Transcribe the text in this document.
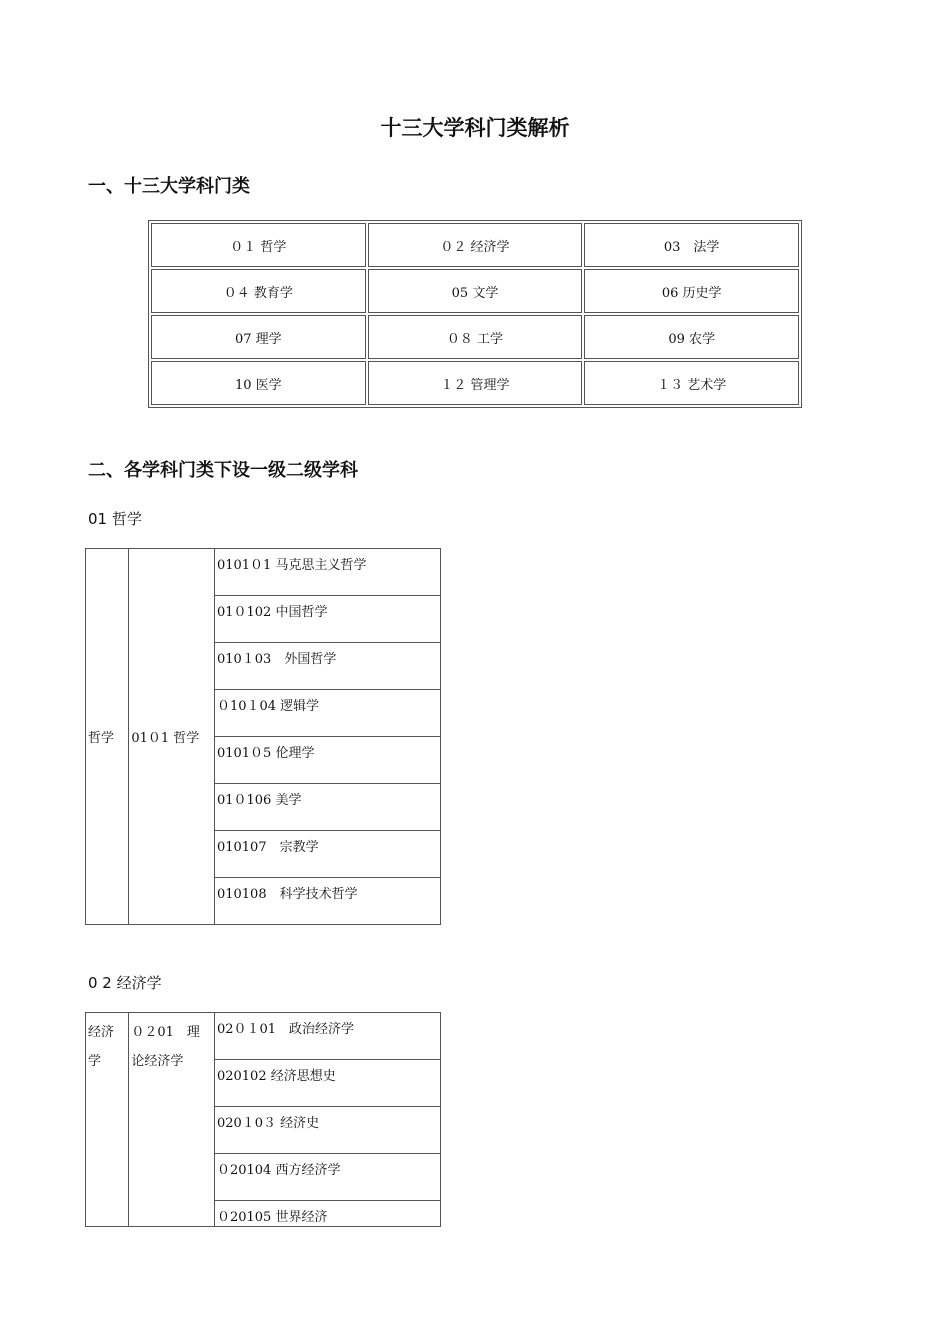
十三大学科门类解析
一、十三大学科门类
０１ 哲学	０２ 经济学	03　法学
０４ 教育学	05 文学	06 历史学
07 理学	０８ 工学	09 农学
10 医学	１２ 管理学	１３ 艺术学
二、各学科门类下设一级二级学科
01 哲学
哲学	01０1 哲学	0101０1 马克思主义哲学
01０102 中国哲学
010１03　外国哲学
０10１04 逻辑学
0101０5 伦理学
01０106 美学
010107　宗教学
010108　科学技术哲学
0 2 经济学
经济学	０２01　理论经济学	02０１01　政治经济学
020102 经济思想史
020１0３ 经济史
０20104 西方经济学
０20105 世界经济
